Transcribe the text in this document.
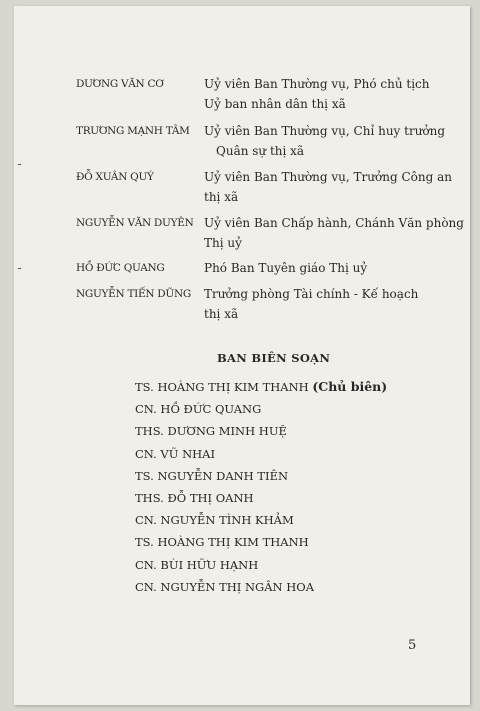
DƯƠNG VĂN CƠ	Uỷ viên Ban Thường vụ, Phó chủ tịch
Uỷ ban nhân dân thị xã
TRƯƠNG MẠNH TÂM	Uỷ viên Ban Thường vụ, Chỉ huy trưởng
Quân sự thị xã
ĐỖ XUÂN QUÝ	Uỷ viên Ban Thường vụ, Trưởng Công an
thị xã
NGUYỄN VĂN DUYÊN Uỷ viên Ban Chấp hành, Chánh Văn phòng
Thị uỷ
HỒ ĐỨC QUANG	Phó Ban Tuyên giáo Thị uỷ
NGUYỄN TIẾN DŨNG	Trưởng phòng Tài chính - Kế hoạch
thị xã
BAN BIÊN SOẠN
TS. HOÀNG THỊ KIM THANH (Chủ biên)
CN. HỒ ĐỨC QUANG
THS. DƯƠNG MINH HUỆ
CN. VŨ NHAI
TS. NGUYỄN DANH TIÊN
THS. ĐỖ THỊ OANH
CN. NGUYỄN TÌNH KHẢM
TS. HOÀNG THỊ KIM THANH
CN. BÙI HỮU HẠNH
CN. NGUYỄN THỊ NGÂN HOA
5
